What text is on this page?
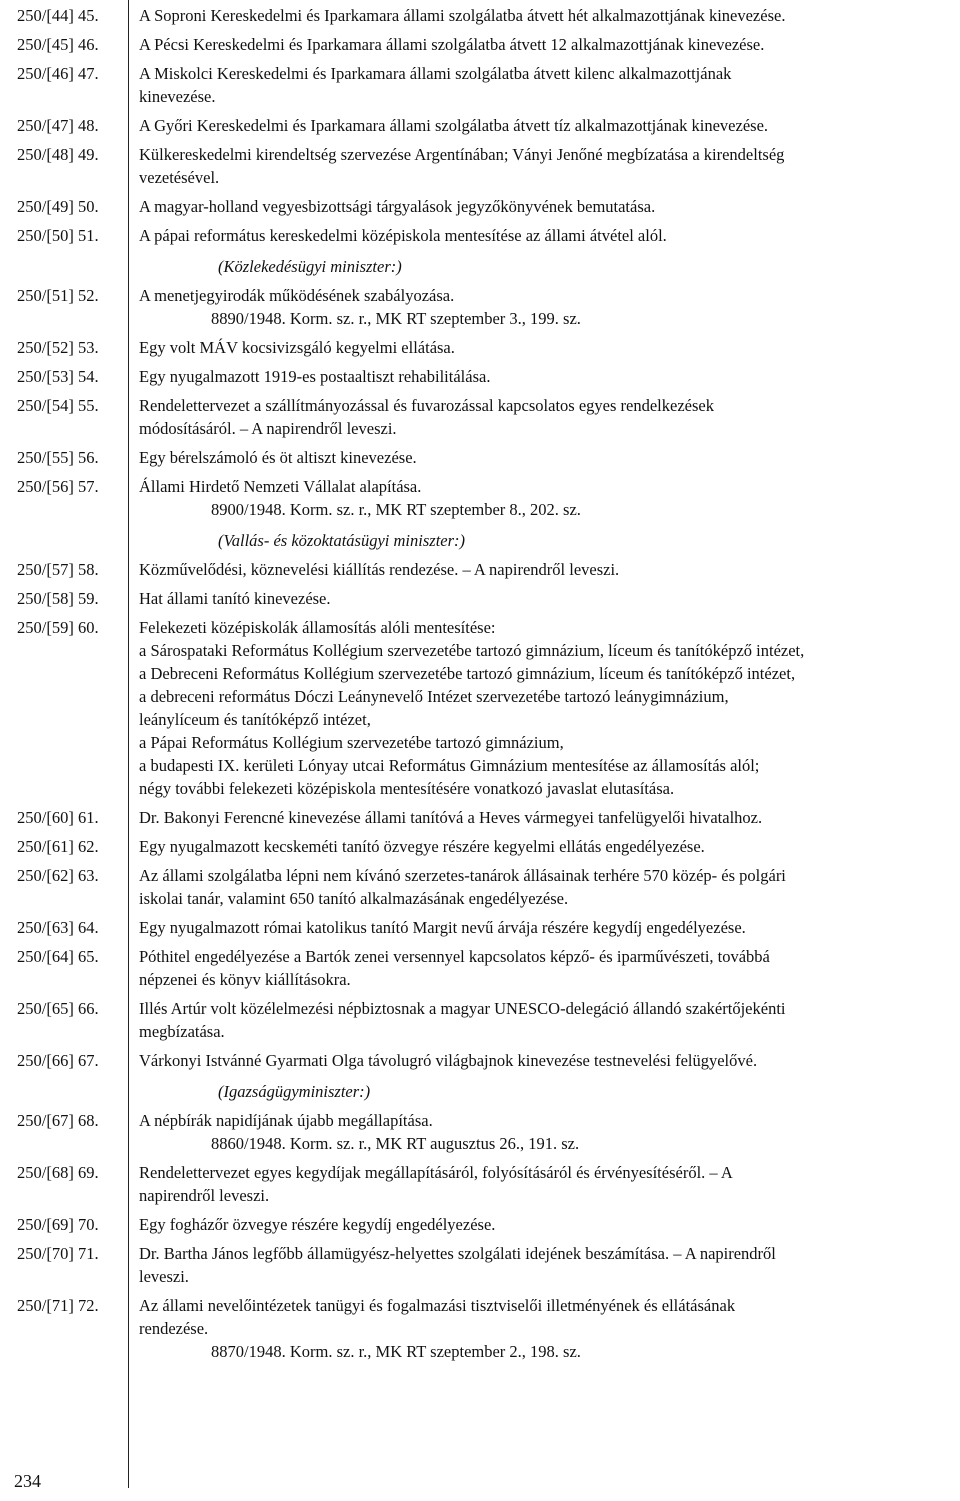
250/[44] 45.	A Soproni Kereskedelmi és Iparkamara állami szolgálatba átvett hét alkalmazottjának kinevezése.
250/[45] 46.	A Pécsi Kereskedelmi és Iparkamara állami szolgálatba átvett 12 alkalmazottjának kinevezése.
250/[46] 47.	A Miskolci Kereskedelmi és Iparkamara állami szolgálatba átvett kilenc alkalmazottjának
kinevezése.
250/[47] 48.	A Győri Kereskedelmi és Iparkamara állami szolgálatba átvett tíz alkalmazottjának kinevezése.
250/[48] 49.	Külkereskedelmi kirendeltség szervezése Argentínában; Ványi Jenőné megbízatása a kirendeltség
vezetésével.
250/[49] 50.	A magyar-holland vegyesbizottsági tárgyalások jegyzőkönyvének bemutatása.
250/[50] 51.	A pápai református kereskedelmi középiskola mentesítése az állami átvétel alól.
(Közlekedésügyi miniszter:)
250/[51] 52.	A menetjegyirodák működésének szabályozása.
8890/1948. Korm. sz. r., MK RT szeptember 3., 199. sz.
250/[52] 53.	Egy volt MÁV kocsivizsgáló kegyelmi ellátása.
250/[53] 54.	Egy nyugalmazott 1919-es postaaltiszt rehabilitálása.
250/[54] 55.	Rendelettervezet a szállítmányozással és fuvarozással kapcsolatos egyes rendelkezések
módosításáról. – A napirendről leveszi.
250/[55] 56.	Egy bérelszámoló és öt altiszt kinevezése.
250/[56] 57.	Állami Hirdető Nemzeti Vállalat alapítása.
8900/1948. Korm. sz. r., MK RT szeptember 8., 202. sz.
(Vallás- és közoktatásügyi miniszter:)
250/[57] 58.	Közművelődési, köznevelési kiállítás rendezése. – A napirendről leveszi.
250/[58] 59.	Hat állami tanító kinevezése.
250/[59] 60.	Felekezeti középiskolák államosítás alóli mentesítése:
a Sárospataki Református Kollégium szervezetébe tartozó gimnázium, líceum és tanítóképző intézet,
a Debreceni Református Kollégium szervezetébe tartozó gimnázium, líceum és tanítóképző intézet,
a debreceni református Dóczi Leánynevelő Intézet szervezetébe tartozó leánygimnázium,
leánylíceum és tanítóképző intézet,
a Pápai Református Kollégium szervezetébe tartozó gimnázium,
a budapesti IX. kerületi Lónyay utcai Református Gimnázium mentesítése az államosítás alól;
négy további felekezeti középiskola mentesítésére vonatkozó javaslat elutasítása.
250/[60] 61.	Dr. Bakonyi Ferencné kinevezése állami tanítóvá a Heves vármegyei tanfelügyelői hivatalhoz.
250/[61] 62.	Egy nyugalmazott kecskeméti tanító özvegye részére kegyelmi ellátás engedélyezése.
250/[62] 63.	Az állami szolgálatba lépni nem kívánó szerzetes-tanárok állásainak terhére 570 közép- és polgári
iskolai tanár, valamint 650 tanító alkalmazásának engedélyezése.
250/[63] 64.	Egy nyugalmazott római katolikus tanító Margit nevű árvája részére kegydíj engedélyezése.
250/[64] 65.	Póthitel engedélyezése a Bartók zenei versennyel kapcsolatos képző- és iparművészeti, továbbá
népzenei és könyv kiállításokra.
250/[65] 66.	Illés Artúr volt közélelmezési népbiztosnak a magyar UNESCO-delegáció állandó szakértőjekénti
megbízatása.
250/[66] 67.	Várkonyi Istvánné Gyarmati Olga távolugró világbajnok kinevezése testnevelési felügyelővé.
(Igazságügyminiszter:)
250/[67] 68.	A népbírák napidíjának újabb megállapítása.
8860/1948. Korm. sz. r., MK RT augusztus 26., 191. sz.
250/[68] 69.	Rendelettervezet egyes kegydíjak megállapításáról, folyósításáról és érvényesítéséről. – A
napirendről leveszi.
250/[69] 70.	Egy fogházőr özvegye részére kegydíj engedélyezése.
250/[70] 71.	Dr. Bartha János legfőbb államügyész-helyettes szolgálati idejének beszámítása. – A napirendről
leveszi.
250/[71] 72.	Az állami nevelőintézetek tanügyi és fogalmazási tisztviselői illetményének és ellátásának
rendezése.
8870/1948. Korm. sz. r., MK RT szeptember 2., 198. sz.
234
